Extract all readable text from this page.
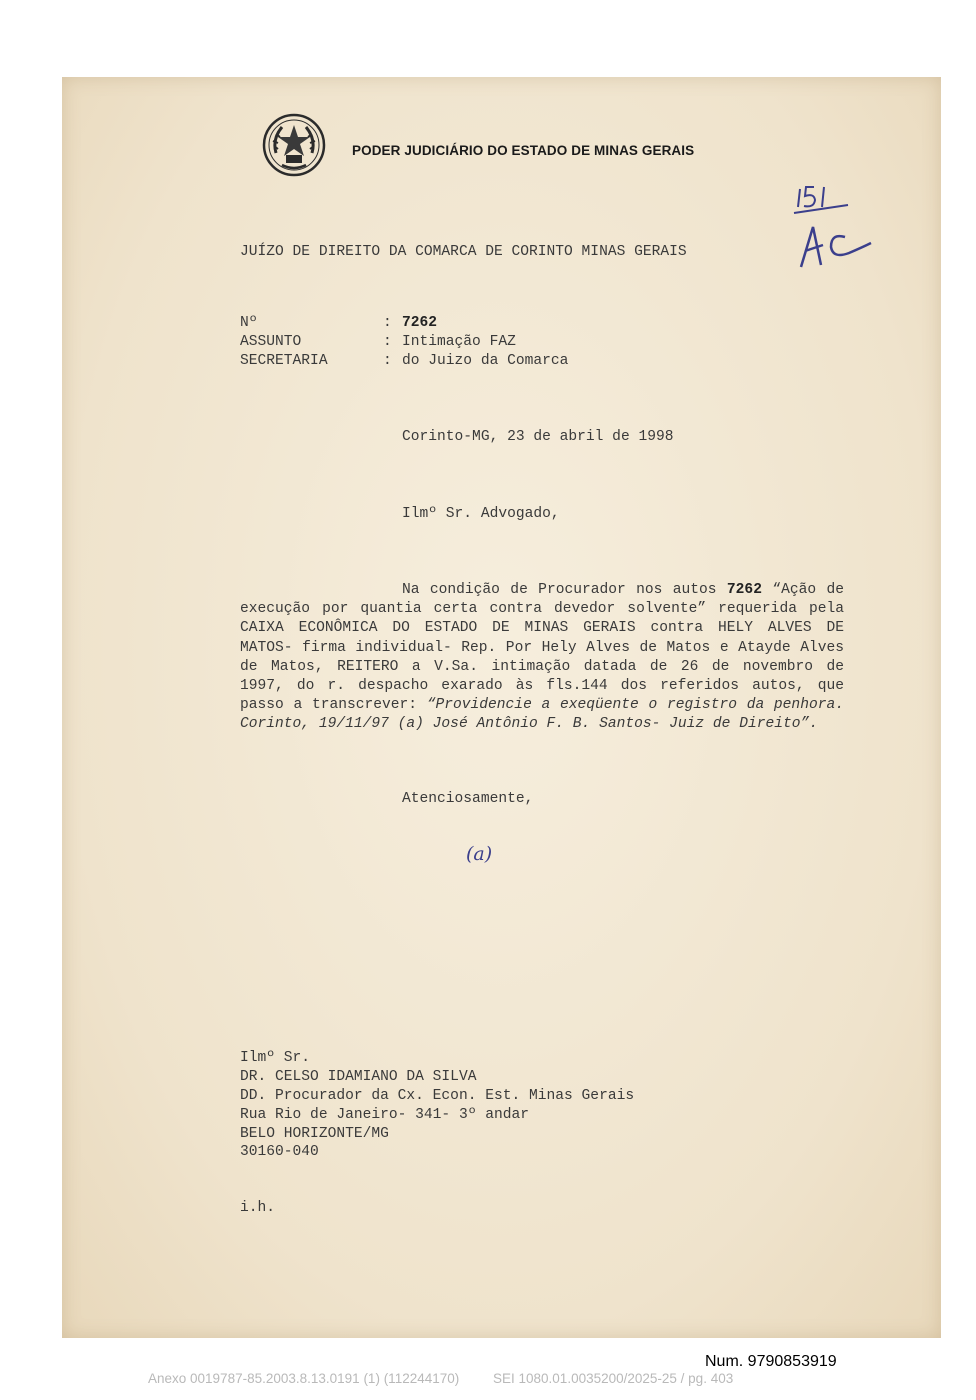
PODER JUDICIÁRIO DO ESTADO DE MINAS GERAIS
JUÍZO DE DIREITO DA COMARCA DE CORINTO MINAS GERAIS
Nº	: 7262
ASSUNTO	: Intimação FAZ
SECRETARIA	: do Juizo da Comarca
Corinto-MG, 23 de abril de 1998
Ilmº Sr. Advogado,
Na condição de Procurador nos autos 7262 “Ação de execução por quantia certa contra devedor solvente” requerida pela CAIXA ECONÔMICA DO ESTADO DE MINAS GERAIS contra HELY ALVES DE MATOS- firma individual- Rep. Por Hely Alves de Matos e Atayde Alves de Matos, REITERO a V.Sa. intimação datada de 26 de novembro de 1997, do r. despacho exarado às fls.144 dos referidos autos, que passo a transcrever: “Providencie a exeqüente o registro da penhora. Corinto, 19/11/97 (a) José Antônio F. B. Santos- Juiz de Direito”.
Atenciosamente,
(a)
Ilmº Sr.
DR. CELSO IDAMIANO DA SILVA
DD. Procurador da Cx. Econ. Est. Minas Gerais
Rua Rio de Janeiro- 341- 3º andar
BELO HORIZONTE/MG
30160-040
i.h.
Num. 9790853919
Anexo 0019787-85.2003.8.13.0191 (1) (112244170)         SEI 1080.01.0035200/2025-25 / pg. 403
